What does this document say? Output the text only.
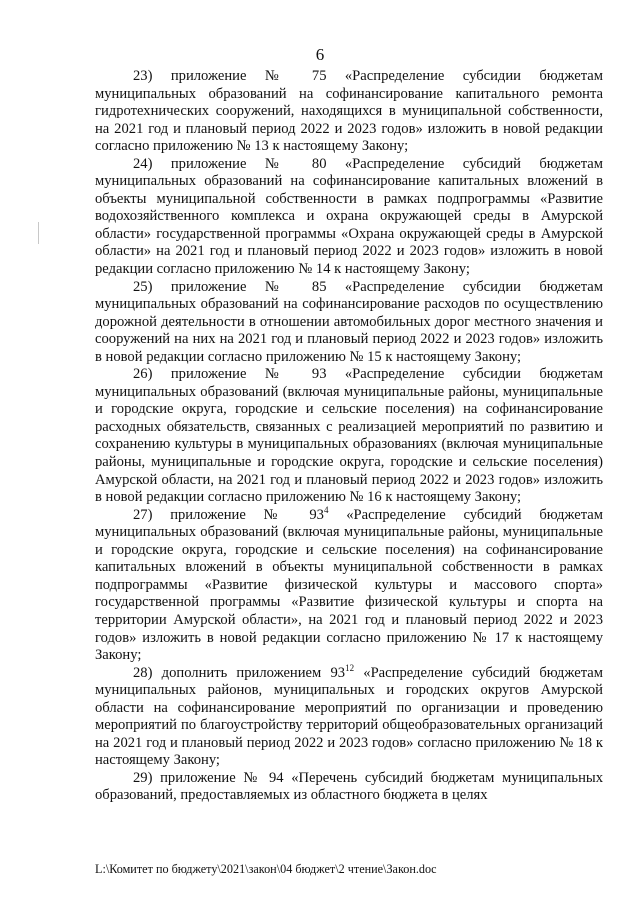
6

23) приложение № 75 «Распределение субсидии бюджетам муниципальных образований на софинансирование капитального ремонта гидротехнических сооружений, находящихся в муниципальной собственности, на 2021 год и плановый период 2022 и 2023 годов» изложить в новой редакции согласно приложению № 13 к настоящему Закону;

24) приложение № 80 «Распределение субсидий бюджетам муниципальных образований на софинансирование капитальных вложений в объекты муниципальной собственности в рамках подпрограммы «Развитие водохозяйственного комплекса и охрана окружающей среды в Амурской области» государственной программы «Охрана окружающей среды в Амурской области» на 2021 год и плановый период 2022 и 2023 годов» изложить в новой редакции согласно приложению № 14 к настоящему Закону;

25) приложение № 85 «Распределение субсидии бюджетам муниципальных образований на софинансирование расходов по осуществлению дорожной деятельности в отношении автомобильных дорог местного значения и сооружений на них на 2021 год и плановый период 2022 и 2023 годов» изложить в новой редакции согласно приложению № 15 к настоящему Закону;

26) приложение № 93 «Распределение субсидии бюджетам муниципальных образований (включая муниципальные районы, муниципальные и городские округа, городские и сельские поселения) на софинансирование расходных обязательств, связанных с реализацией мероприятий по развитию и сохранению культуры в муниципальных образованиях (включая муниципальные районы, муниципальные и городские округа, городские и сельские поселения) Амурской области, на 2021 год и плановый период 2022 и 2023 годов» изложить в новой редакции согласно приложению № 16 к настоящему Закону;

27) приложение № $93^4$ «Распределение субсидий бюджетам муниципальных образований (включая муниципальные районы, муниципальные и городские округа, городские и сельские поселения) на софинансирование капитальных вложений в объекты муниципальной собственности в рамках подпрограммы «Развитие физической культуры и массового спорта» государственной программы «Развитие физической культуры и спорта на территории Амурской области», на 2021 год и плановый период 2022 и 2023 годов» изложить в новой редакции согласно приложению № 17 к настоящему Закону;

28) дополнить приложением $93^{12}$ «Распределение субсидий бюджетам муниципальных районов, муниципальных и городских округов Амурской области на софинансирование мероприятий по организации и проведению мероприятий по благоустройству территорий общеобразовательных организаций на 2021 год и плановый период 2022 и 2023 годов» согласно приложению № 18 к настоящему Закону;

29) приложение № 94 «Перечень субсидий бюджетам муниципальных образований, предоставляемых из областного бюджета в целях

L:\Комитет по бюджету\2021\закон\04 бюджет\2 чтение\Закон.doc
